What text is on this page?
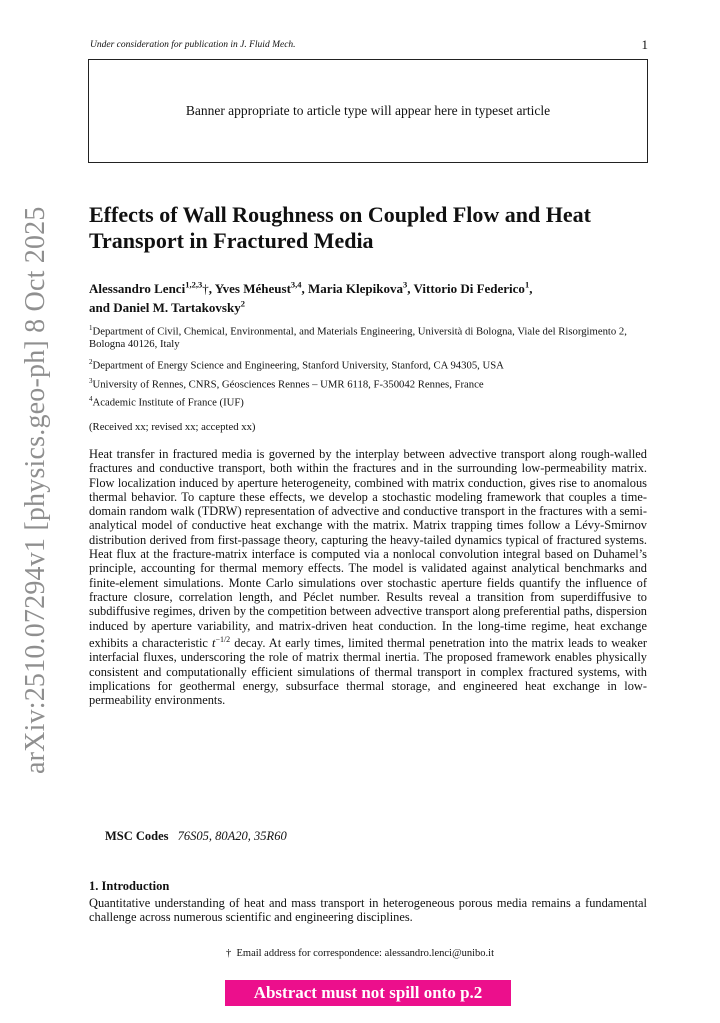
Under consideration for publication in J. Fluid Mech.	1
Banner appropriate to article type will appear here in typeset article
arXiv:2510.07294v1 [physics.geo-ph] 8 Oct 2025	Effects of Wall Roughness on Coupled Flow and Heat Transport in Fractured Media
Alessandro Lenci$^{1,2,3}$†, Yves Méheust$^{3,4}$, Maria Klepikova$^3$, Vittorio Di Federico$^1$,
and Daniel M. Tartakovsky$^2$
$^1$Department of Civil, Chemical, Environmental, and Materials Engineering, Università di Bologna, Viale del Risorgimento 2, Bologna 40126, Italy
$^2$Department of Energy Science and Engineering, Stanford University, Stanford, CA 94305, USA
$^3$University of Rennes, CNRS, Géosciences Rennes – UMR 6118, F-350042 Rennes, France
$^4$Academic Institute of France (IUF)
(Received xx; revised xx; accepted xx)
Heat transfer in fractured media is governed by the interplay between advective transport along rough-walled fractures and conductive transport, both within the fractures and in the surrounding low-permeability matrix. Flow localization induced by aperture heterogeneity, combined with matrix conduction, gives rise to anomalous thermal behavior. To capture these effects, we develop a stochastic modeling framework that couples a time-domain random walk (TDRW) representation of advective and conductive transport in the fractures with a semi-analytical model of conductive heat exchange with the matrix. Matrix trapping times follow a Lévy-Smirnov distribution derived from first-passage theory, capturing the heavy-tailed dynamics typical of fractured systems. Heat flux at the fracture-matrix interface is computed via a nonlocal convolution integral based on Duhamel’s principle, accounting for thermal memory effects. The model is validated against analytical benchmarks and finite-element simulations. Monte Carlo simulations over stochastic aperture fields quantify the influence of fracture closure, correlation length, and Péclet number. Results reveal a transition from superdiffusive to subdiffusive regimes, driven by the competition between advective transport along preferential paths, dispersion induced by aperture variability, and matrix-driven heat conduction. In the long-time regime, heat exchange exhibits a characteristic $t^{-1/2}$ decay. At early times, limited thermal penetration into the matrix leads to weaker interfacial fluxes, underscoring the role of matrix thermal inertia. The proposed framework enables physically consistent and computationally efficient simulations of thermal transport in complex fractured systems, with implications for geothermal energy, subsurface thermal storage, and engineered heat exchange in low-permeability environments.
MSC Codes 76S05, 80A20, 35R60
1. Introduction
Quantitative understanding of heat and mass transport in heterogeneous porous media remains a fundamental challenge across numerous scientific and engineering disciplines.
† Email address for correspondence: alessandro.lenci@unibo.it
Abstract must not spill onto p.2
